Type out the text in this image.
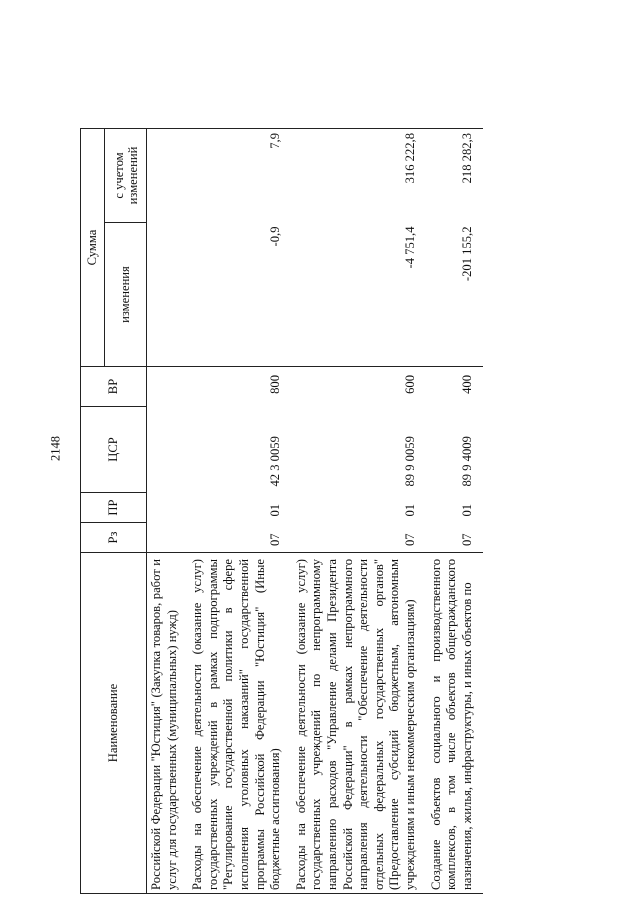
2148
Наименование	Рз	ПР	ЦСР	ВР	Сумма	
					изменения	с учетом изменений
Российской Федерации "Юстиция" (Закупка товаров, работ и услуг для государственных (муниципальных) нужд)						
Расходы на обеспечение деятельности (оказание услуг) государственных учреждений в рамках подпрограммы "Регулирование государственной политики в сфере исполнения уголовных наказаний" государственной программы Российской Федерации "Юстиция" (Иные бюджетные ассигнования)	07	01	42 3 0059	800	-0,9	7,9
Расходы на обеспечение деятельности (оказание услуг) государственных учреждений по непрограммному направлению расходов "Управление делами Президента Российской Федерации" в рамках непрограммного направления деятельности "Обеспечение деятельности отдельных федеральных государственных органов" (Предоставление субсидий бюджетным, автономным учреждениям и иным некоммерческим организациям)	07	01	89 9 0059	600	-4 751,4	316 222,8
Создание объектов социального и производственного комплексов, в том числе объектов общегражданского назначения, жилья, инфраструктуры, и иных объектов по	07	01	89 9 4009	400	-201 155,2	218 282,3
